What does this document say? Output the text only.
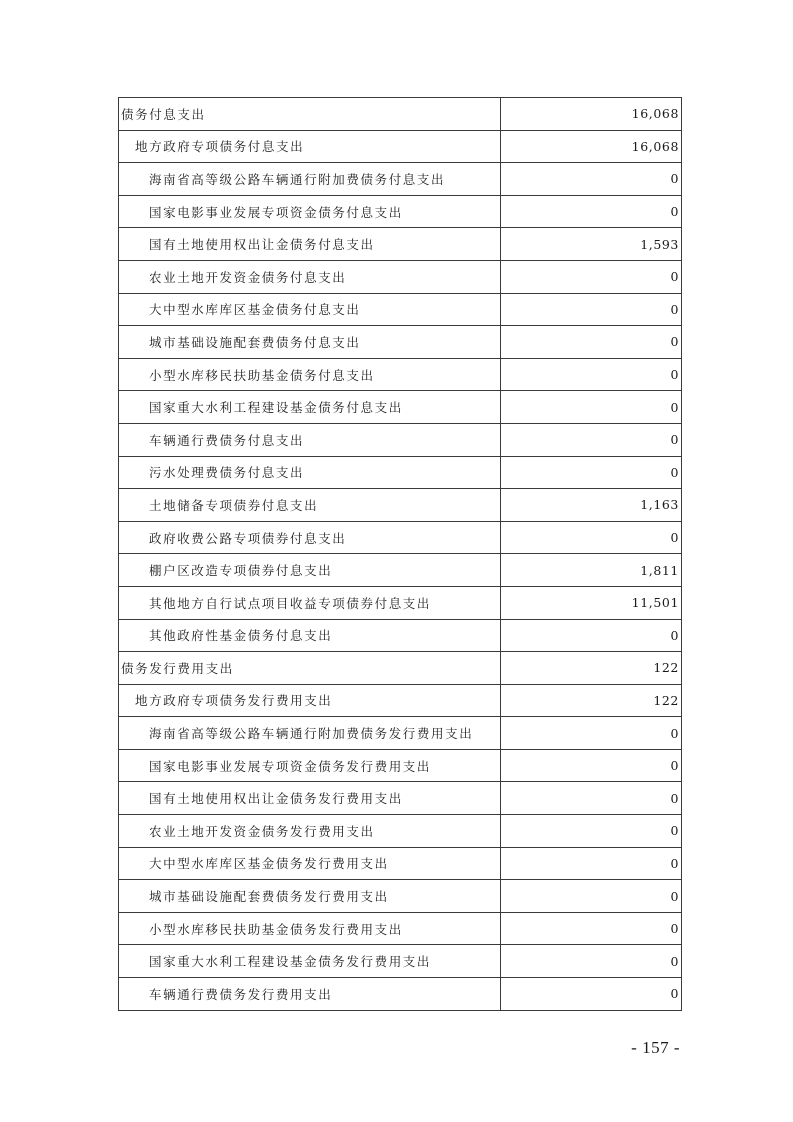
债务付息支出	16,068
地方政府专项债务付息支出	16,068
海南省高等级公路车辆通行附加费债务付息支出	0
国家电影事业发展专项资金债务付息支出	0
国有土地使用权出让金债务付息支出	1,593
农业土地开发资金债务付息支出	0
大中型水库库区基金债务付息支出	0
城市基础设施配套费债务付息支出	0
小型水库移民扶助基金债务付息支出	0
国家重大水利工程建设基金债务付息支出	0
车辆通行费债务付息支出	0
污水处理费债务付息支出	0
土地储备专项债券付息支出	1,163
政府收费公路专项债券付息支出	0
棚户区改造专项债券付息支出	1,811
其他地方自行试点项目收益专项债券付息支出	11,501
其他政府性基金债务付息支出	0
债务发行费用支出	122
地方政府专项债务发行费用支出	122
海南省高等级公路车辆通行附加费债务发行费用支出	0
国家电影事业发展专项资金债务发行费用支出	0
国有土地使用权出让金债务发行费用支出	0
农业土地开发资金债务发行费用支出	0
大中型水库库区基金债务发行费用支出	0
城市基础设施配套费债务发行费用支出	0
小型水库移民扶助基金债务发行费用支出	0
国家重大水利工程建设基金债务发行费用支出	0
车辆通行费债务发行费用支出	0
- 157 -
